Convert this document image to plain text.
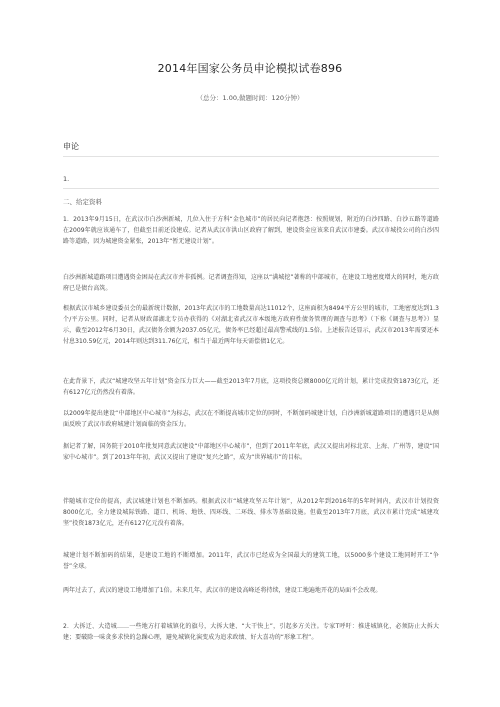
2014年国家公务员申论模拟试卷896
（总分：1.00,做题时间：120分钟）
申论
1.
二、给定资料
1．2013年9月15日，在武汉市白沙洲新城，几位入住于方科“金色城市”的居民向记者抱怨：按照规划，附近的白沙四路、白沙五路等道路在2009年就应该通车了，但截至目前还没建成。记者从武汉市洪山区政府了解到，建设资金应该来自武汉市建委。武汉市城投公司的白沙四路等道路，因为城建资金紧张，2013年“暂无建设计划”。
白沙洲新城道路项目遭遇资金困局在武汉市并非孤例。记者调查得知，这座以“满城挖”著称的中部城市，在建设工地密度增大的同时，地方政府已是债台高筑。
根据武汉市城乡建设委员会的最新统计数据，2013年武汉市的工地数量高达11012个，这座面积为8494平方公里的城市，工地密度达到1.3个/平方公里。同时，记者从财政部湖北专员办获得的《对湖北省武汉市本级地方政府性债务管理的调查与思考》（下称《调查与思考》）显示，截至2012年6月30日，武汉债务余额为2037.05亿元，债务率已经超过最高警戒线的1.5倍。上述报告还显示，武汉市2013年需要还本付息310.59亿元，2014年则达到311.76亿元，相当于最近两年每天需偿债1亿元。
在此背景下，武汉“城建攻坚五年计划”资金压力巨大——截至2013年7月底，这项投资总额8000亿元的计划，累计完成投资1873亿元，还有6127亿元仍然没有着落。
以2009年提出建设“中部地区中心城市”为标志，武汉在不断提高城市定位的同时，不断加码城建计划，白沙洲新城道路项目的遭遇只是从侧面反映了武汉市政府城建计划面临的资金压力。
据记者了解，国务院于2010年批复同意武汉建设“中部地区中心城市”，但到了2011年年底，武汉又提出对标北京、上海、广州等，建设“国家中心城市”。到了2013年年初，武汉又提出了建设“复兴之路”，成为“世界城市”的目标。
伴随城市定位的提高，武汉城建计划也不断加码。根据武汉市“城建攻坚五年计划”，从2012年到2016年的5年时间内，武汉市计划投资8000亿元，全力建设城际铁路、道口、机场、地铁、四环线、二环线、排水等基础设施。但截至2013年7月底，武汉市累计完成“城建攻坚”投资1873亿元，还有6127亿元没有着落。
城建计划不断加码的结果，是建设工地的不断增加。2011年，武汉市已经成为全国最大的建筑工地，以5000多个建设工地同时开工“争誉”全球。
两年过去了，武汉的建设工地增加了1倍。未来几年，武汉市的建设高峰还将持续，建设工地遍地开花的局面不会改观。
2．大拆迁、大造城……一些地方打着城镇化的旗号，大拆大建、“大干快上”，引起多方关注。专家T呼吁：推进城镇化，必须防止大拆大建；要破除一味贪多求快的急躁心理，避免城镇化演变成为追求政绩、好大喜功的“形象工程”。
